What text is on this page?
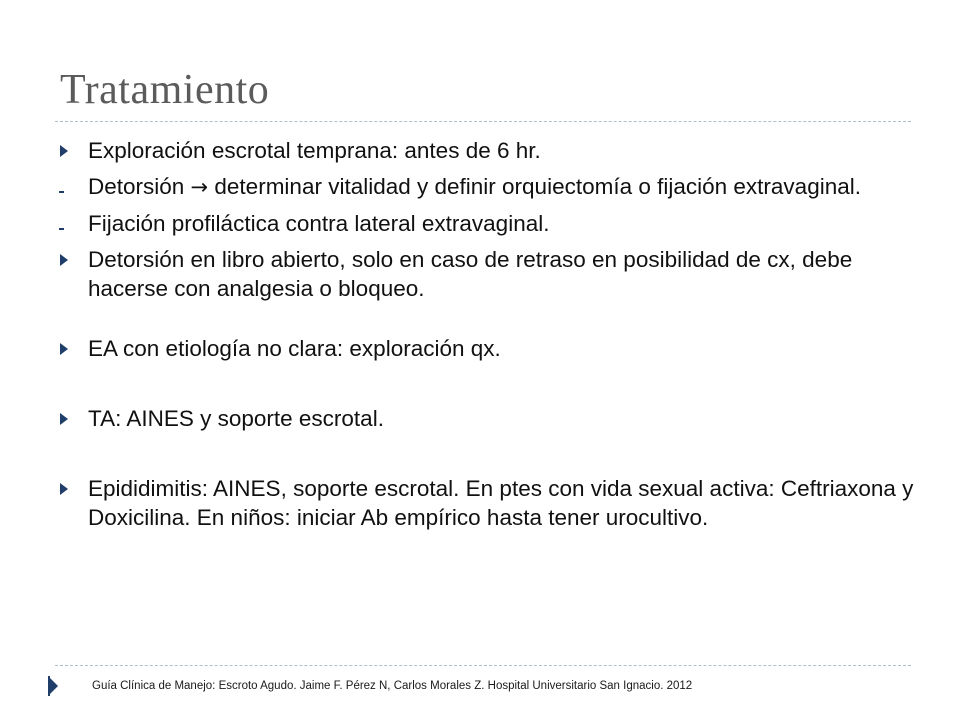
Tratamiento
Exploración escrotal temprana: antes de 6 hr.
Detorsión → determinar vitalidad y definir orquiectomía o fijación extravaginal.
Fijación profiláctica contra lateral extravaginal.
Detorsión en libro abierto, solo en caso de retraso en posibilidad de cx, debe hacerse con analgesia o bloqueo.
EA con etiología no clara: exploración qx.
TA: AINES y soporte escrotal.
Epididimitis: AINES, soporte escrotal. En ptes con vida sexual activa: Ceftriaxona y Doxicilina. En niños: iniciar Ab empírico hasta tener urocultivo.
Guía Clínica de Manejo: Escroto Agudo. Jaime F. Pérez N, Carlos Morales Z. Hospital Universitario San Ignacio. 2012
